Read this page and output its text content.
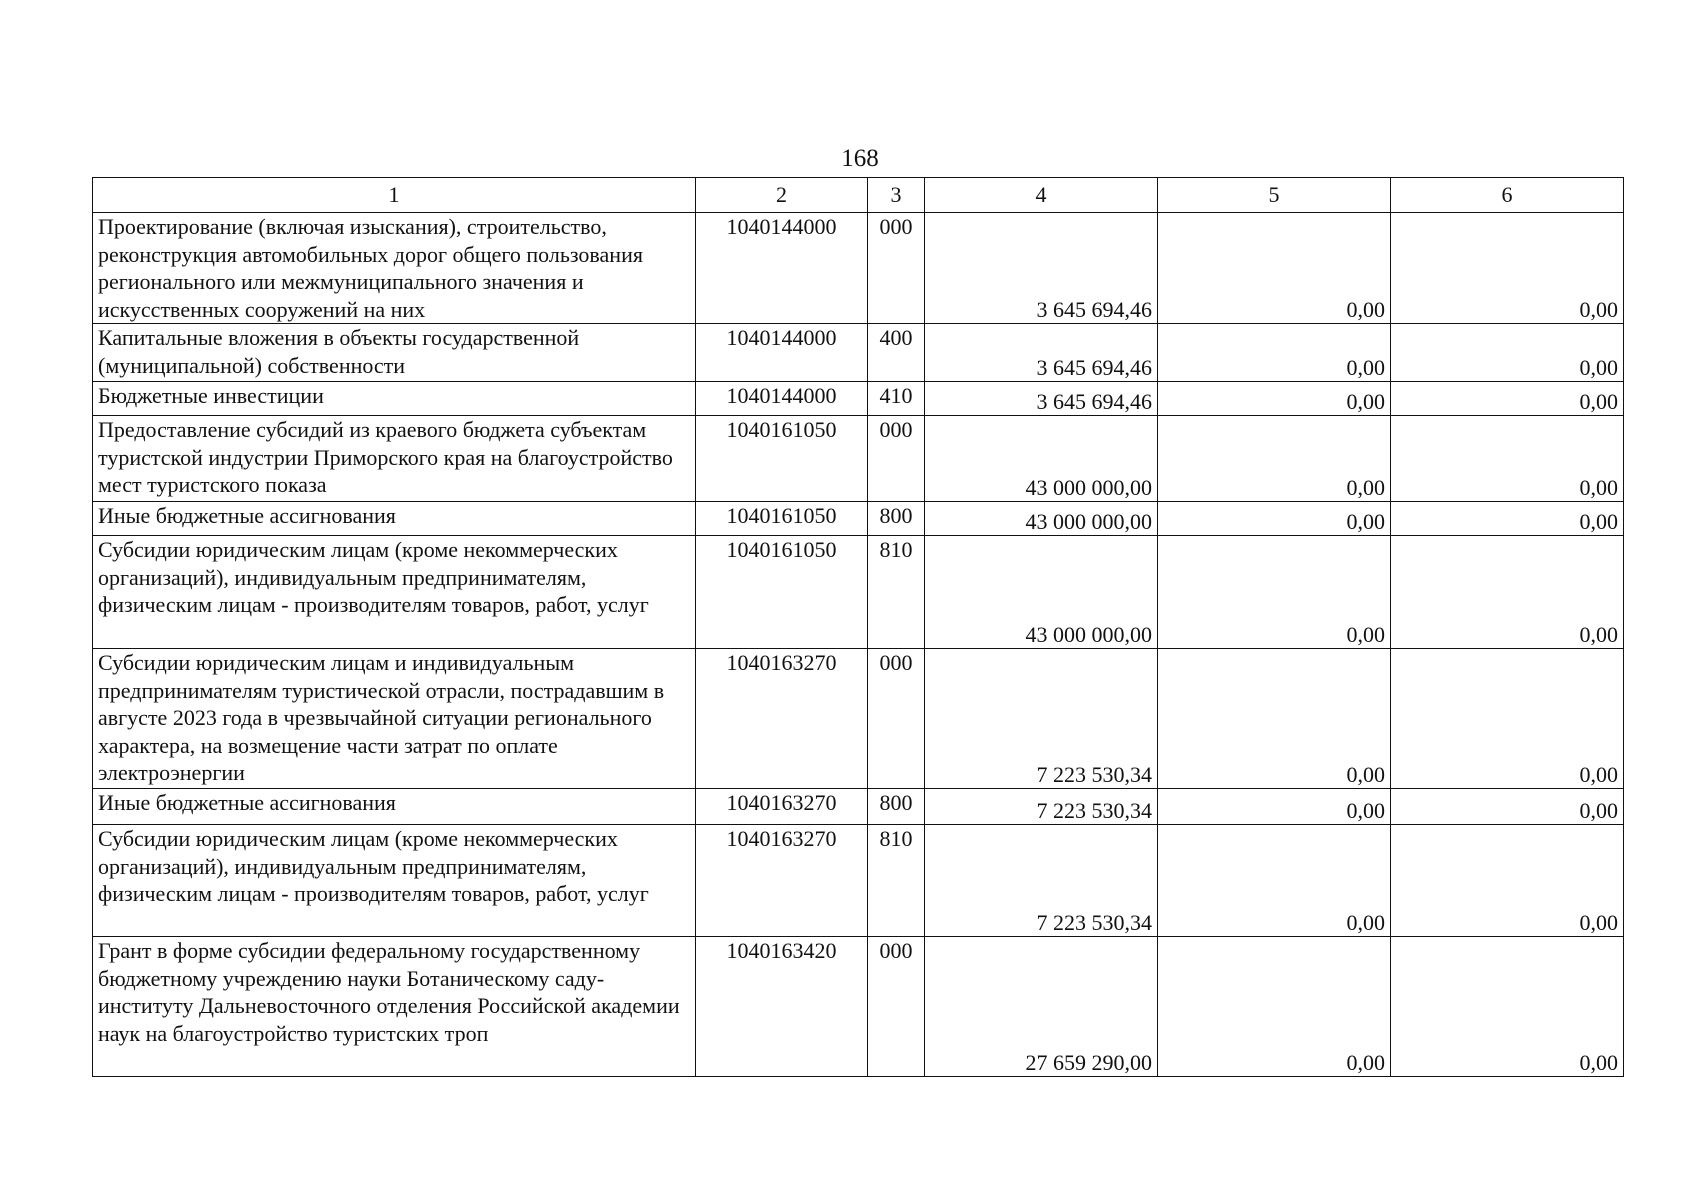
168
1	2	3	4	5	6
Проектирование (включая изыскания), строительство, реконструкция автомобильных дорог общего пользования регионального или межмуниципального значения и искусственных сооружений на них	1040144000	000	3 645 694,46	0,00	0,00
Капитальные вложения в объекты государственной (муниципальной) собственности	1040144000	400	3 645 694,46	0,00	0,00
Бюджетные инвестиции	1040144000	410	3 645 694,46	0,00	0,00
Предоставление субсидий из краевого бюджета субъектам туристской индустрии Приморского края на благоустройство мест туристского показа	1040161050	000	43 000 000,00	0,00	0,00
Иные бюджетные ассигнования	1040161050	800	43 000 000,00	0,00	0,00
Субсидии юридическим лицам (кроме некоммерческих организаций), индивидуальным предпринимателям, физическим лицам - производителям товаров, работ, услуг	1040161050	810	43 000 000,00	0,00	0,00
Субсидии юридическим лицам и индивидуальным предпринимателям туристической отрасли, пострадавшим в августе 2023 года в чрезвычайной ситуации регионального характера, на возмещение части затрат по оплате электроэнергии	1040163270	000	7 223 530,34	0,00	0,00
Иные бюджетные ассигнования	1040163270	800	7 223 530,34	0,00	0,00
Субсидии юридическим лицам (кроме некоммерческих организаций), индивидуальным предпринимателям, физическим лицам - производителям товаров, работ, услуг	1040163270	810	7 223 530,34	0,00	0,00
Грант в форме субсидии федеральному государственному бюджетному учреждению науки Ботаническому саду-институту Дальневосточного отделения Российской академии наук на благоустройство туристских троп	1040163420	000	27 659 290,00	0,00	0,00
